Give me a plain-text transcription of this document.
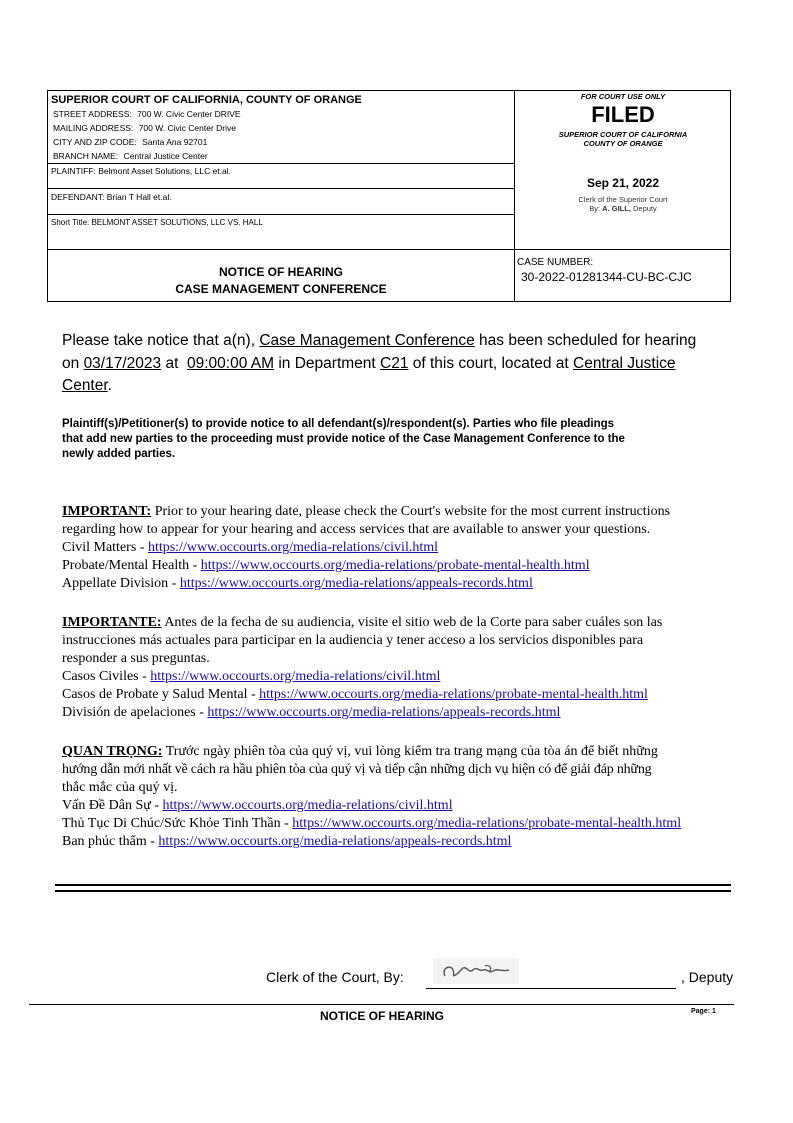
SUPERIOR COURT OF CALIFORNIA, COUNTY OF ORANGE
STREET ADDRESS: 700 W. Civic Center DRIVE
MAILING ADDRESS: 700 W. Civic Center Drive
CITY AND ZIP CODE: Santa Ana 92701
BRANCH NAME: Central Justice Center
PLAINTIFF: Belmont Asset Solutions, LLC et.al.
DEFENDANT: Brian T Hall et.al.
Short Title: BELMONT ASSET SOLUTIONS, LLC VS. HALL
NOTICE OF HEARING
CASE MANAGEMENT CONFERENCE
CASE NUMBER:
30-2022-01281344-CU-BC-CJC
FOR COURT USE ONLY
FILED
SUPERIOR COURT OF CALIFORNIA
COUNTY OF ORANGE
Sep 21, 2022
Clerk of the Superior Court
By: A. GILL, Deputy
Please take notice that a(n), Case Management Conference has been scheduled for hearing
on 03/17/2023 at  09:00:00 AM in Department C21 of this court, located at Central Justice
Center.
Plaintiff(s)/Petitioner(s) to provide notice to all defendant(s)/respondent(s). Parties who file pleadings
that add new parties to the proceeding must provide notice of the Case Management Conference to the
newly added parties.
IMPORTANT: Prior to your hearing date, please check the Court's website for the most current instructions
regarding how to appear for your hearing and access services that are available to answer your questions.
Civil Matters - https://www.occourts.org/media-relations/civil.html
Probate/Mental Health - https://www.occourts.org/media-relations/probate-mental-health.html
Appellate Division - https://www.occourts.org/media-relations/appeals-records.html
IMPORTANTE: Antes de la fecha de su audiencia, visite el sitio web de la Corte para saber cuáles son las
instrucciones más actuales para participar en la audiencia y tener acceso a los servicios disponibles para
responder a sus preguntas.
Casos Civiles - https://www.occourts.org/media-relations/civil.html
Casos de Probate y Salud Mental - https://www.occourts.org/media-relations/probate-mental-health.html
División de apelaciones - https://www.occourts.org/media-relations/appeals-records.html
QUAN TRỌNG: Trước ngày phiên tòa của quý vị, vui lòng kiểm tra trang mạng của tòa án để biết những
hướng dẫn mới nhất về cách ra hầu phiên tòa của quý vị và tiếp cận những dịch vụ hiện có để giải đáp những
thắc mắc của quý vị.
Vấn Đề Dân Sự - https://www.occourts.org/media-relations/civil.html
Thủ Tục Di Chúc/Sức Khỏe Tinh Thần - https://www.occourts.org/media-relations/probate-mental-health.html
Ban phúc thẩm - https://www.occourts.org/media-relations/appeals-records.html
Clerk of the Court, By:	, Deputy
NOTICE OF HEARING	Page: 1
